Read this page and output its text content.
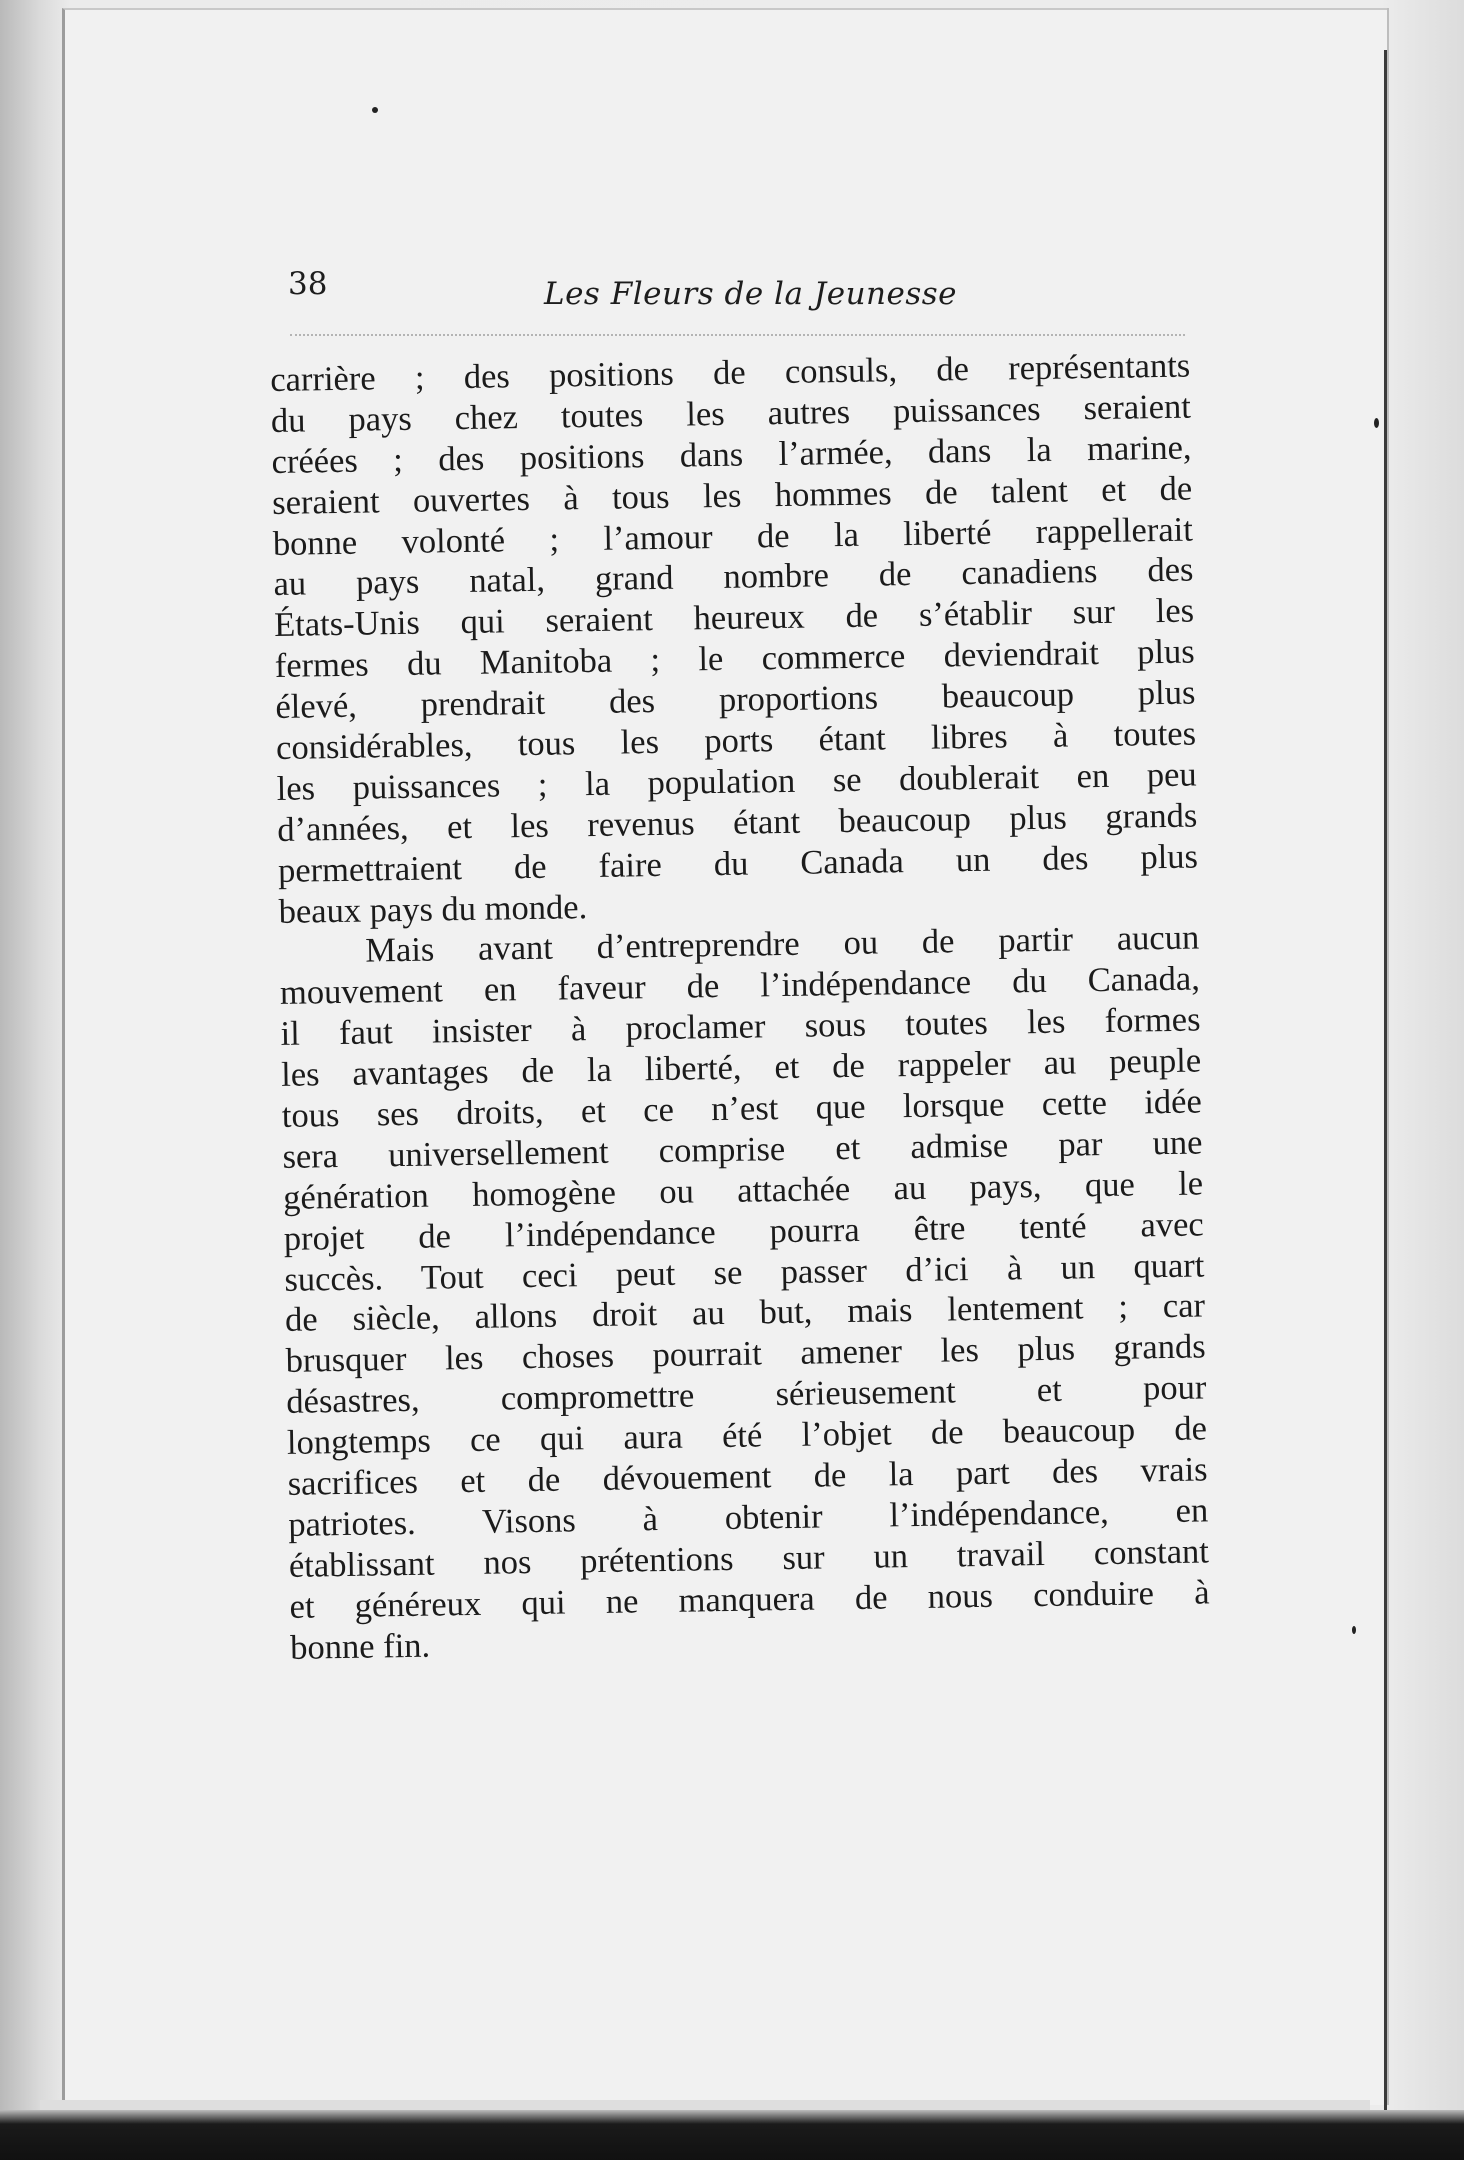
38	Les Fleurs de la Jeunesse
carrière ; des positions de consuls, de représentants
du pays chez toutes les autres puissances seraient
créées ; des positions dans l’armée, dans la marine,
seraient ouvertes à tous les hommes de talent et de
bonne volonté ; l’amour de la liberté rappellerait
au pays natal, grand nombre de canadiens des
États-Unis qui seraient heureux de s’établir sur les
fermes du Manitoba ; le commerce deviendrait plus
élevé, prendrait des proportions beaucoup plus
considérables, tous les ports étant libres à toutes
les puissances ; la population se doublerait en peu
d’années, et les revenus étant beaucoup plus grands
permettraient de faire du Canada un des plus
beaux pays du monde.
Mais avant d’entreprendre ou de partir aucun
mouvement en faveur de l’indépendance du Canada,
il faut insister à proclamer sous toutes les formes
les avantages de la liberté, et de rappeler au peuple
tous ses droits, et ce n’est que lorsque cette idée
sera universellement comprise et admise par une
génération homogène ou attachée au pays, que le
projet de l’indépendance pourra être tenté avec
succès. Tout ceci peut se passer d’ici à un quart
de siècle, allons droit au but, mais lentement ; car
brusquer les choses pourrait amener les plus grands
désastres, compromettre sérieusement et pour
longtemps ce qui aura été l’objet de beaucoup de
sacrifices et de dévouement de la part des vrais
patriotes. Visons à obtenir l’indépendance, en
établissant nos prétentions sur un travail constant
et généreux qui ne manquera de nous conduire à
bonne fin.
